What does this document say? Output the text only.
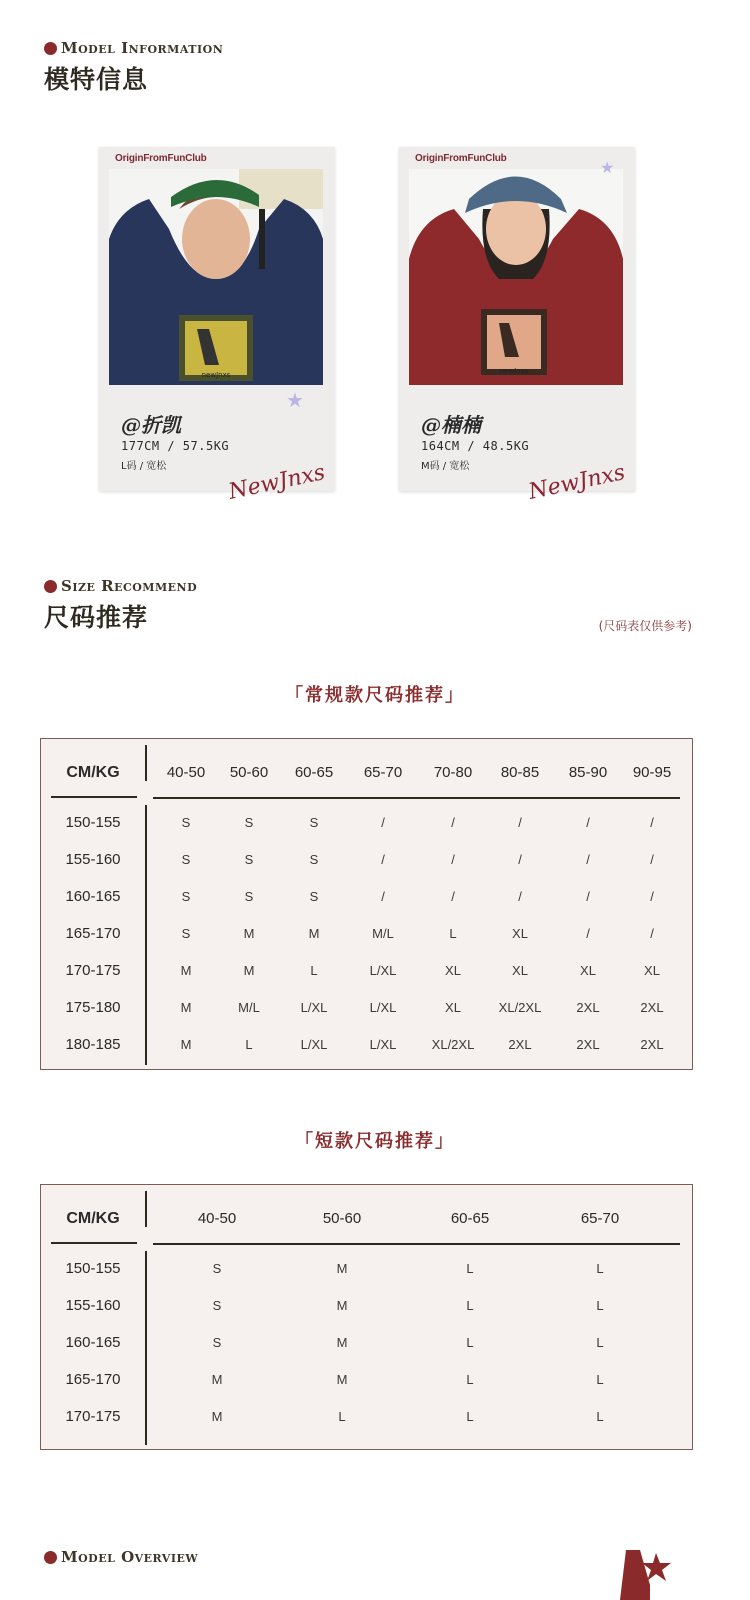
Model Information
模特信息
OriginFromFunClub
newJnxs
@折凯
177CM / 57.5KG
L码 / 宽松
★
NewJnxs
OriginFromFunClub
newJnxs
@楠楠
164CM / 48.5KG
M码 / 宽松
★
NewJnxs
Size Recommend
尺码推荐	(尺码表仅供参考)
「常规款尺码推荐」
CM/KG	40-50 50-60 60-65 65-70 70-80 80-85 85-90 90-95
150-155	S	S	S	/	/	/	/	/
155-160	S	S	S	/	/	/	/	/
160-165	S	S	S	/	/	/	/	/
165-170	S	M	M	M/L	L	XL	/	/
170-175	M	M	L	L/XL	XL	XL	XL	XL
175-180	M	M/L	L/XL	L/XL	XL	XL/2XL	2XL	2XL
180-185	M	L	L/XL	L/XL	XL/2XL	2XL	2XL	2XL
「短款尺码推荐」
CM/KG	40-50	50-60	60-65	65-70
150-155	S	M	L	L
155-160	S	M	L	L
160-165	S	M	L	L
165-170	M	M	L	L
170-175	M	L	L	L
Model Overview
